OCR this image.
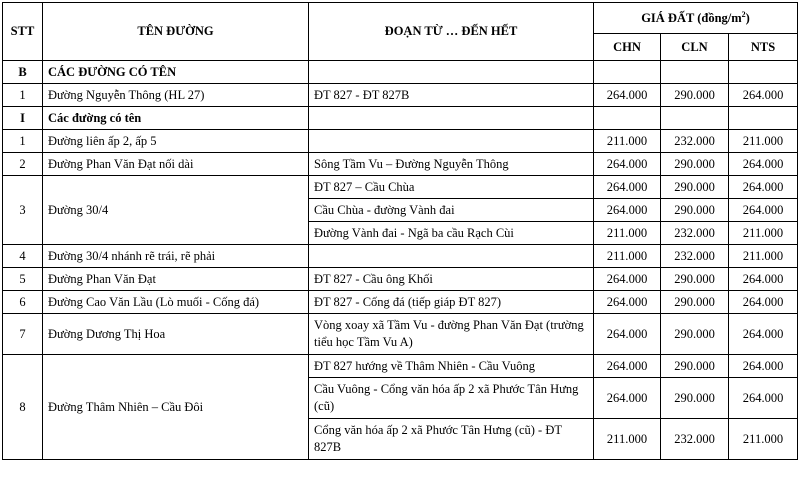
STT	TÊN ĐƯỜNG	ĐOẠN TỪ … ĐẾN HẾT	GIÁ ĐẤT $(đồng/m^2)$		
			CHN	CLN	NTS
B	CÁC ĐƯỜNG CÓ TÊN				
1	Đường Nguyễn Thông (HL 27)	ĐT 827 - ĐT 827B	264.000	290.000	264.000
I	Các đường có tên				
1	Đường liên ấp 2, ấp 5		211.000	232.000	211.000
2	Đường Phan Văn Đạt nối dài	Sông Tầm Vu – Đường Nguyễn Thông	264.000	290.000	264.000
3	Đường 30/4	ĐT 827 – Cầu Chùa	264.000	290.000	264.000
		Cầu Chùa - đường Vành đai	264.000	290.000	264.000
		Đường Vành đai - Ngã ba cầu Rạch Cùi	211.000	232.000	211.000
4	Đường 30/4 nhánh rẽ trái, rẽ phải		211.000	232.000	211.000
5	Đường Phan Văn Đạt	ĐT 827 - Cầu ông Khối	264.000	290.000	264.000
6	Đường Cao Văn Lầu (Lò muối - Cống đá)	ĐT 827 - Cống đá (tiếp giáp ĐT 827)	264.000	290.000	264.000
7	Đường Dương Thị Hoa	Vòng xoay xã Tầm Vu - đường Phan Văn Đạt (trường tiểu học Tầm Vu A)	264.000	290.000	264.000
8	Đường Thâm Nhiên – Cầu Đôi	ĐT 827 hướng về Thâm Nhiên - Cầu Vuông	264.000	290.000	264.000
		Cầu Vuông - Cổng văn hóa ấp 2 xã Phước Tân Hưng (cũ)	264.000	290.000	264.000
		Cổng văn hóa ấp 2 xã Phước Tân Hưng (cũ) - ĐT 827B	211.000	232.000	211.000
